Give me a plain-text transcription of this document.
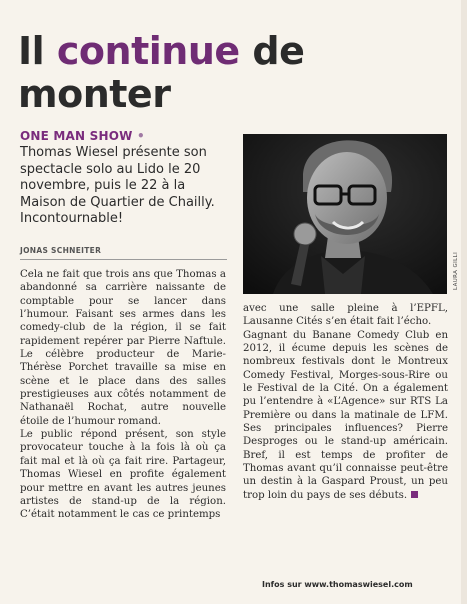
Il continue de monter
ONE MAN SHOW •

Thomas Wiesel présente son spectacle solo au Lido le 20 novembre, puis le 22 à la Maison de Quartier de Chailly. Incontournable!

JONAS SCHNEITER

Cela ne fait que trois ans que Thomas a abandonné sa carrière naissante de comptable pour se lancer dans l’humour. Faisant ses armes dans les comedy-club de la région, il se fait rapidement repérer par Pierre Naftule. Le célèbre producteur de Marie-Thérèse Porchet travaille sa mise en scène et le place dans des salles prestigieuses aux côtés notamment de Nathanaël Rochat, autre nouvelle étoile de l’humour romand.

Le public répond présent, son style provocateur touche à la fois là où ça fait mal et là où ça fait rire. Partageur, Thomas Wiesel en profite également pour mettre en avant les autres jeunes artistes de stand-up de la région. C’était notamment le cas ce printemps

LAURA GILLI

avec une salle pleine à l’EPFL, Lausanne Cités s’en était fait l’écho.

Gagnant du Banane Comedy Club en 2012, il écume depuis les scènes de nombreux festivals dont le Montreux Comedy Festival, Morges-sous-Rire ou le Festival de la Cité. On a également pu l’entendre à «L’Agence» sur RTS La Première ou dans la matinale de LFM. Ses principales influences? Pierre Desproges ou le stand-up américain. Bref, il est temps de profiter de Thomas avant qu’il connaisse peut-être un destin à la Gaspard Proust, un peu trop loin du pays de ses débuts.

Infos sur www.thomaswiesel.com
